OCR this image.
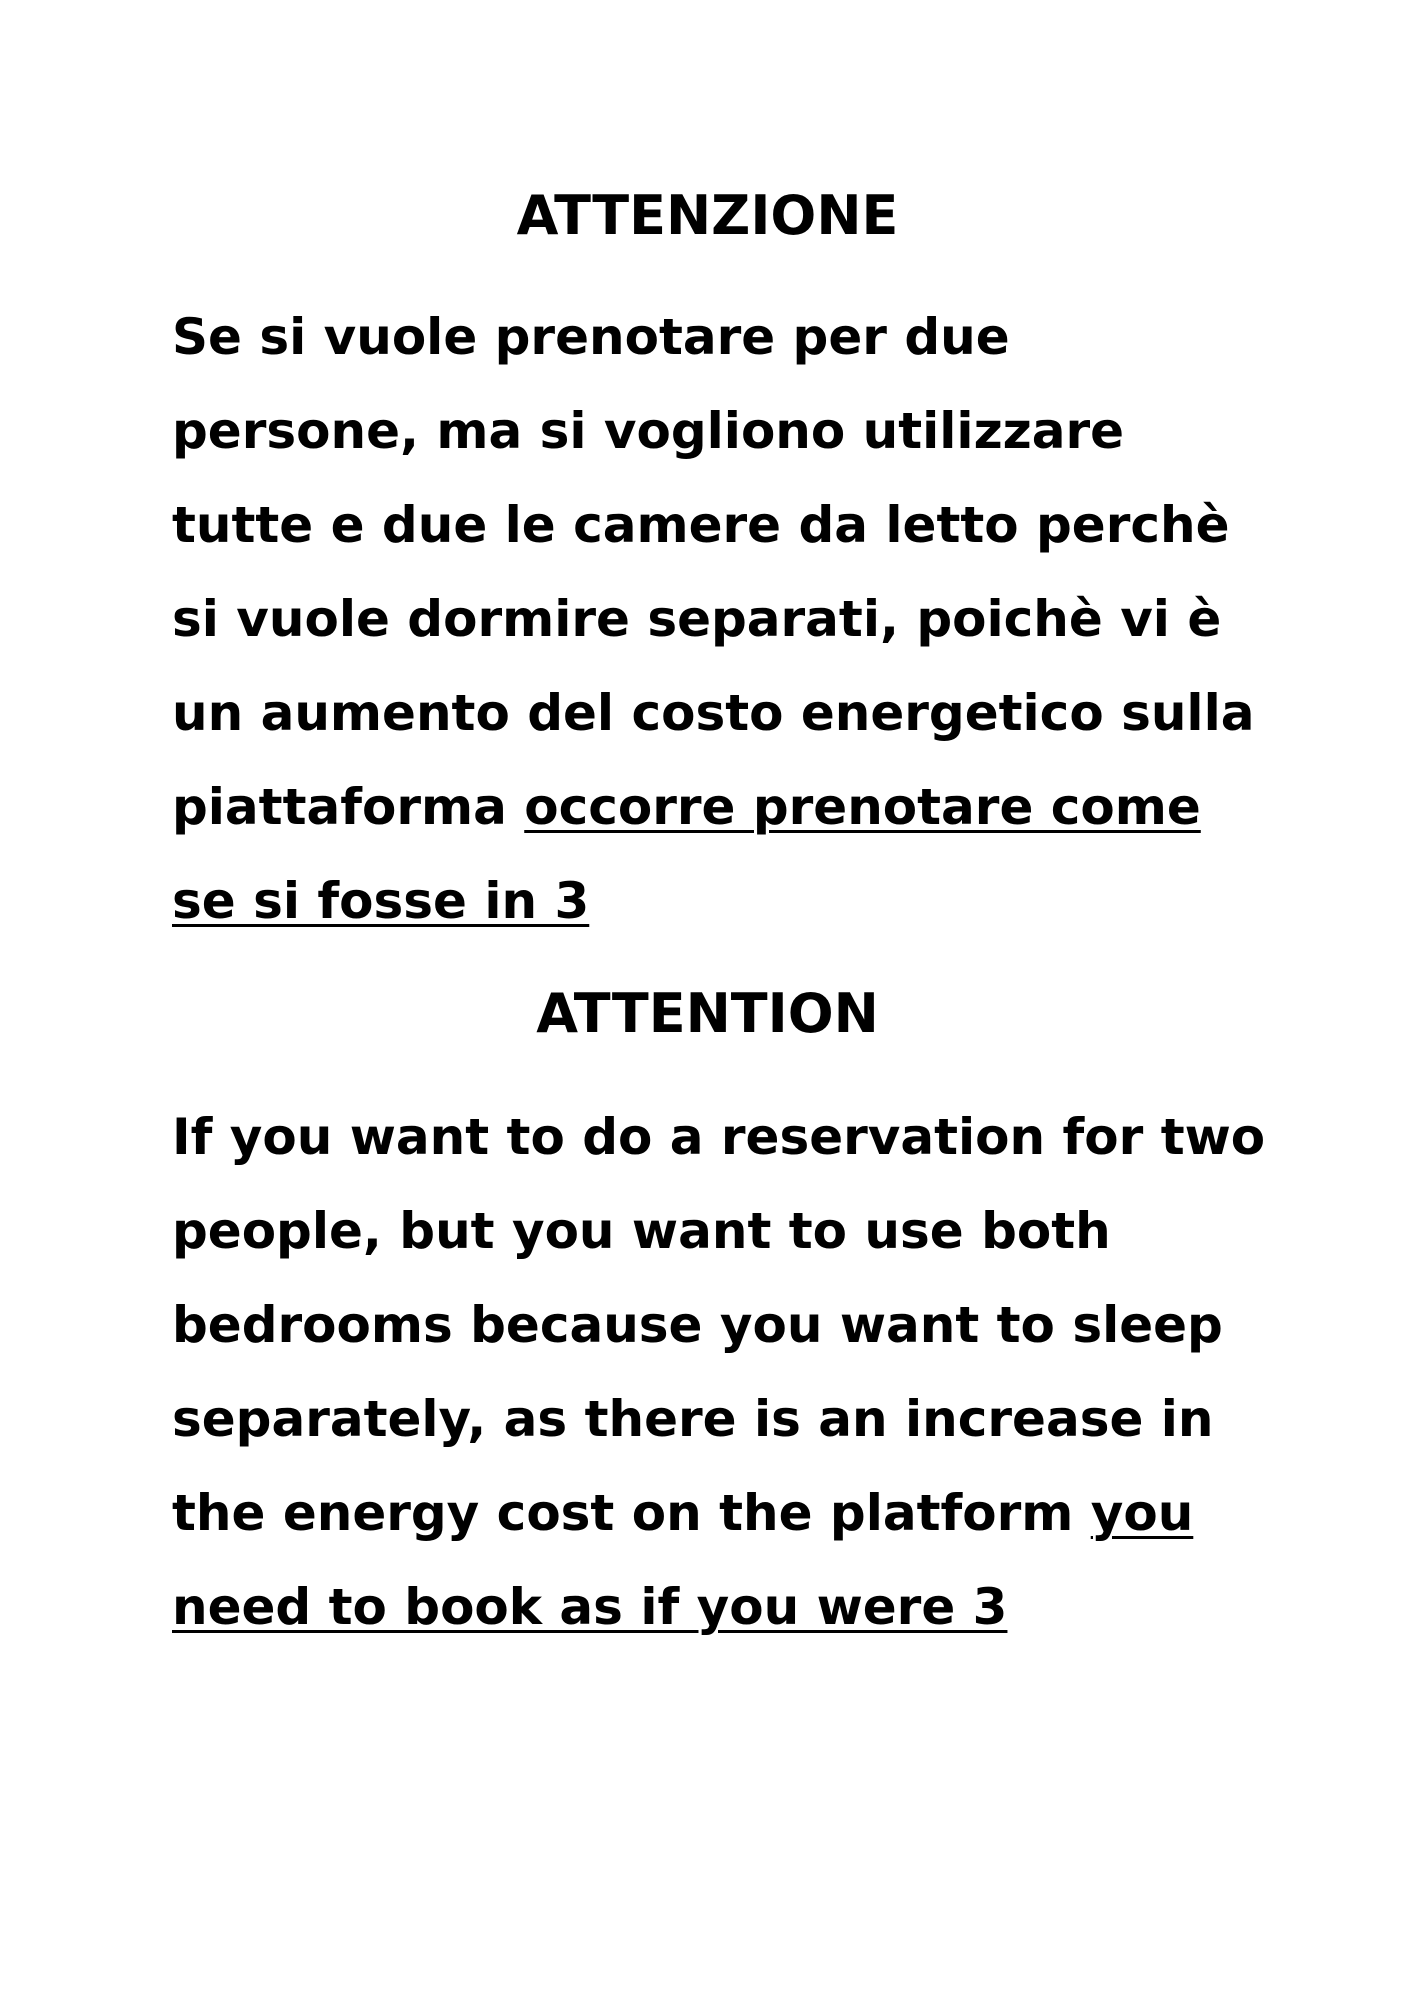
ATTENZIONE
Se si vuole prenotare per due
persone, ma si vogliono utilizzare
tutte e due le camere da letto perchè
si vuole dormire separati, poichè vi è
un aumento del costo energetico sulla
piattaforma occorre prenotare come
se si fosse in 3
ATTENTION
If you want to do a reservation for two
people, but you want to use both
bedrooms because you want to sleep
separately, as there is an increase in
the energy cost on the platform you
need to book as if you were 3
